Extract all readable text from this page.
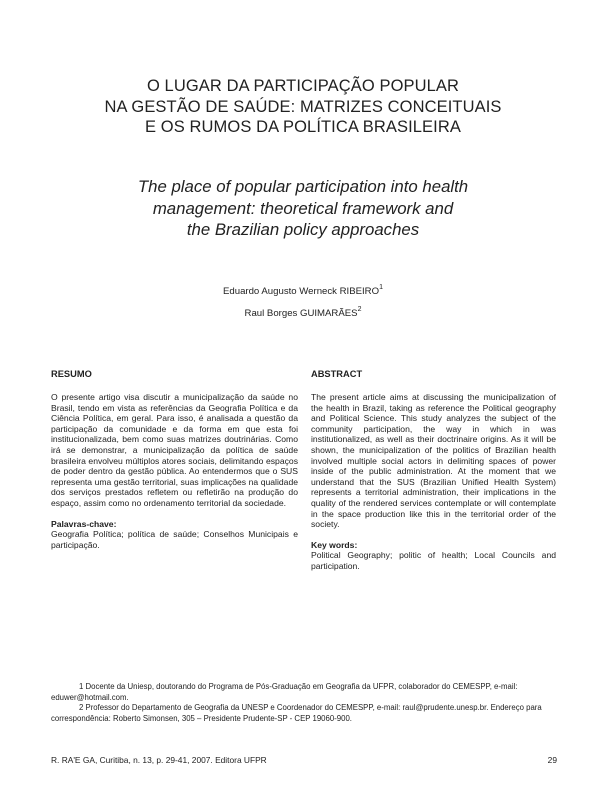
O LUGAR DA PARTICIPAÇÃO POPULAR
NA GESTÃO DE SAÚDE: MATRIZES CONCEITUAIS
E OS RUMOS DA POLÍTICA BRASILEIRA
The place of popular participation into health
management: theoretical framework and
the Brazilian policy approaches
Eduardo Augusto Werneck RIBEIRO$^1$
Raul Borges GUIMARÃES$^2$
RESUMO

O presente artigo visa discutir a municipalização da saúde no Brasil, tendo em vista as referências da Geografia Política e da Ciência Política, em geral. Para isso, é analisada a questão da participação da comunidade e da forma em que esta foi institucionalizada, bem como suas matrizes doutrinárias. Como irá se demonstrar, a municipalização da política de saúde brasileira envolveu múltiplos atores sociais, delimitando espaços de poder dentro da gestão pública. Ao entendermos que o SUS representa uma gestão territorial, suas implicações na qualidade dos serviços prestados refletem ou refletirão na produção do espaço, assim como no ordenamento territorial da sociedade.

Palavras-chave:

Geografia Política; política de saúde; Conselhos Municipais e participação.

ABSTRACT

The present article aims at discussing the municipalization of the health in Brazil, taking as reference the Political geography and Political Science. This study analyzes the subject of the community participation, the way in which in was institutionalized, as well as their doctrinaire origins. As it will be shown, the municipalization of the politics of Brazilian health involved multiple social actors in delimiting spaces of power inside of the public administration. At the moment that we understand that the SUS (Brazilian Unified Health System) represents a territorial administration, their implications in the quality of the rendered services contemplate or will contemplate in the space production like this in the territorial order of the society.

Key words:

Political Geography; politic of health; Local Councils and participation.

1 Docente da Uniesp, doutorando do Programa de Pós-Graduação em Geografia da UFPR, colaborador do CEMESPP, e-mail: eduwer@hotmail.com.
2 Professor do Departamento de Geografia da UNESP e Coordenador do CEMESPP, e-mail: raul@prudente.unesp.br. Endereço para correspondência: Roberto Simonsen, 305 – Presidente Prudente-SP - CEP 19060-900.
R. RA'E GA, Curitiba, n. 13, p. 29-41, 2007. Editora UFPR	29
